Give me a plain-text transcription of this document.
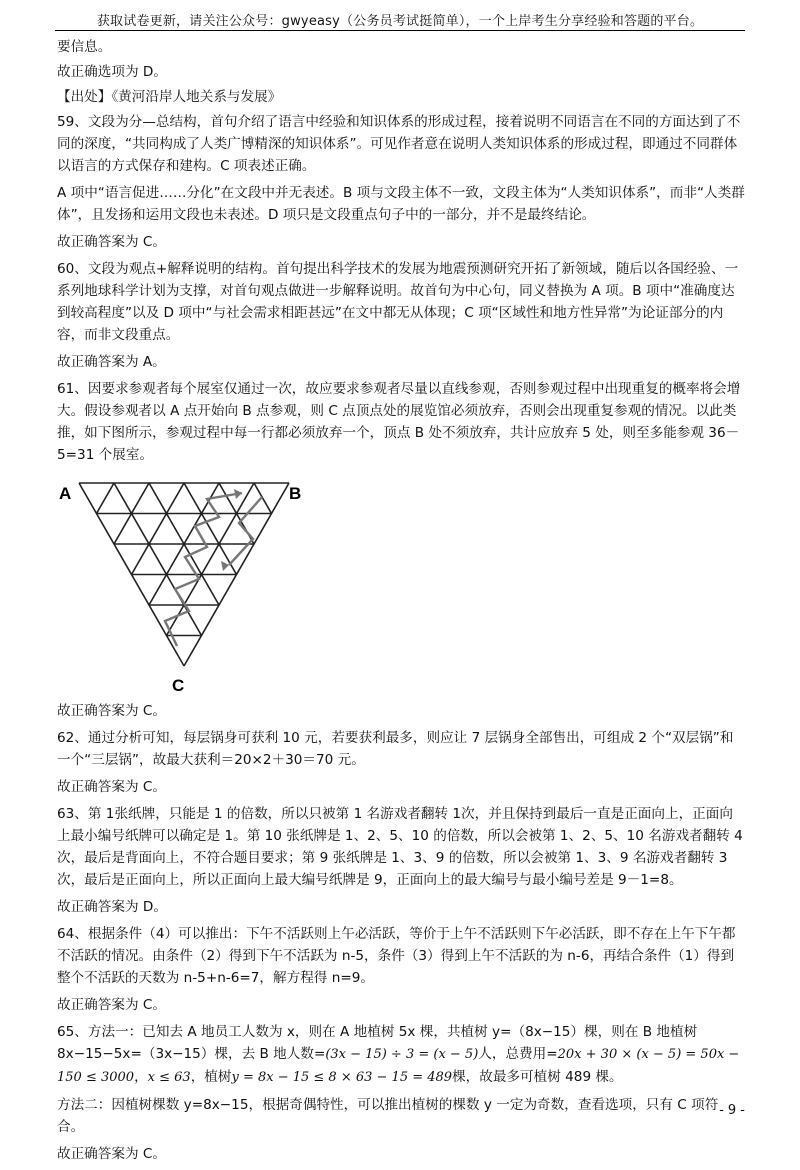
获取试卷更新，请关注公众号：gwyeasy（公务员考试挺简单），一个上岸考生分享经验和答题的平台。

要信息。

故正确选项为 D。

【出处】《黄河沿岸人地关系与发展》

59、文段为分—总结构，首句介绍了语言中经验和知识体系的形成过程，接着说明不同语言在不同的方面达到了不同的深度，“共同构成了人类广博精深的知识体系”。可见作者意在说明人类知识体系的形成过程，即通过不同群体以语言的方式保存和建构。C 项表述正确。

A 项中“语言促进……分化”在文段中并无表述。B 项与文段主体不一致，文段主体为“人类知识体系”，而非“人类群体”，且发扬和运用文段也未表述。D 项只是文段重点句子中的一部分，并不是最终结论。

故正确答案为 C。

60、文段为观点+解释说明的结构。首句提出科学技术的发展为地震预测研究开拓了新领域，随后以各国经验、一系列地球科学计划为支撑，对首句观点做进一步解释说明。故首句为中心句，同义替换为 A 项。B 项中“准确度达到较高程度”以及 D 项中“与社会需求相距甚远”在文中都无从体现；C 项“区域性和地方性异常”为论证部分的内容，而非文段重点。

故正确答案为 A。

61、因要求参观者每个展室仅通过一次，故应要求参观者尽量以直线参观，否则参观过程中出现重复的概率将会增大。假设参观者以 A 点开始向 B 点参观，则 C 点顶点处的展览馆必须放弃，否则会出现重复参观的情况。以此类推，如下图所示，参观过程中每一行都必须放弃一个，顶点 B 处不须放弃，共计应放弃 5 处，则至多能参观 36－5=31 个展室。

A	B
C

故正确答案为 C。

62、通过分析可知，每层锅身可获利 10 元，若要获利最多，则应让 7 层锅身全部售出，可组成 2 个“双层锅”和一个“三层锅”，故最大获利＝20×2＋30＝70 元。

故正确答案为 C。

63、第 1张纸牌，只能是 1 的倍数，所以只被第 1 名游戏者翻转 1次，并且保持到最后一直是正面向上，正面向上最小编号纸牌可以确定是 1。第 10 张纸牌是 1、2、5、10 的倍数，所以会被第 1、2、5、10 名游戏者翻转 4次，最后是背面向上，不符合题目要求；第 9 张纸牌是 1、3、9 的倍数，所以会被第 1、3、9 名游戏者翻转 3 次，最后是正面向上，所以正面向上最大编号纸牌是 9，正面向上的最大编号与最小编号差是 9－1=8。

故正确答案为 D。

64、根据条件（4）可以推出：下午不活跃则上午必活跃，等价于上午不活跃则下午必活跃，即不存在上午下午都不活跃的情况。由条件（2）得到下午不活跃为 n-5，条件（3）得到上午不活跃的为 n-6，再结合条件（1）得到整个不活跃的天数为 n-5+n-6=7，解方程得 n=9。

故正确答案为 C。

65、方法一：已知去 A 地员工人数为 x，则在 A 地植树 5x 棵，共植树 y=（8x−15）棵，则在 B 地植树 8x−15−5x=（3x−15）棵，去 B 地人数=(3x − 15) ÷ 3 = (x − 5)人，总费用=20x + 30 × (x − 5) = 50x − 150 ≤ 3000，x ≤ 63，植树y = 8x − 15 ≤ 8 × 63 − 15 = 489棵，故最多可植树 489 棵。

方法二：因植树棵数 y=8x−15，根据奇偶特性，可以推出植树的棵数 y 一定为奇数，查看选项，只有 C 项符合。

故正确答案为 C。

- 9 -
